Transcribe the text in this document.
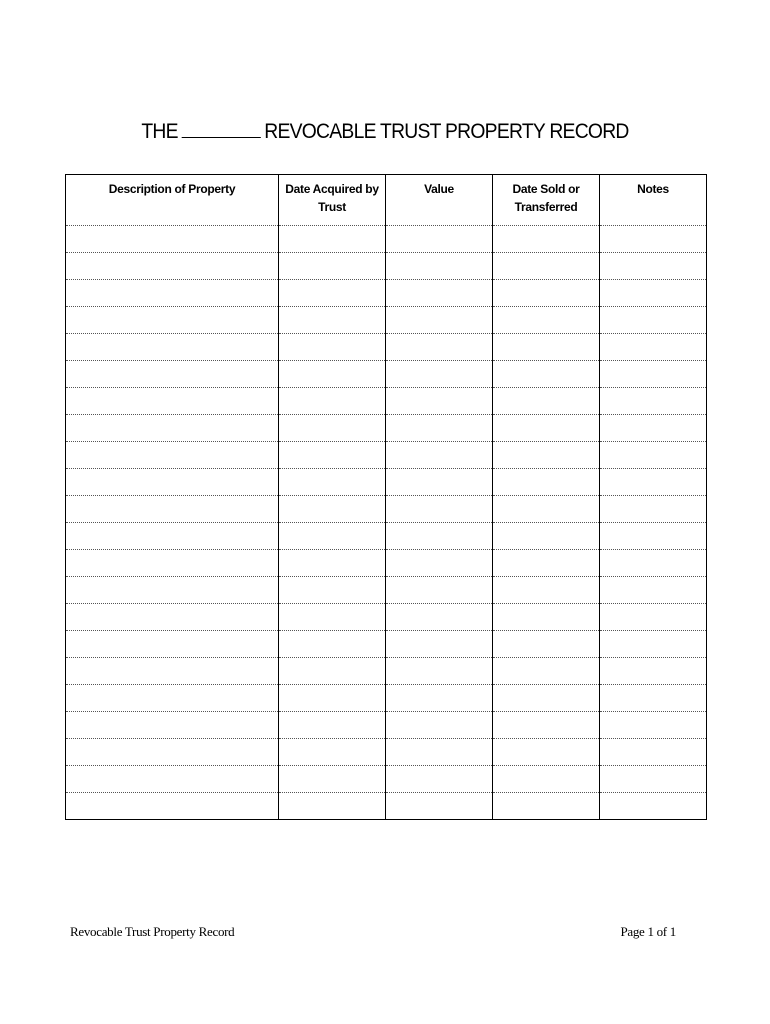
THE	REVOCABLE TRUST PROPERTY RECORD
Description of Property	Date Acquired by Trust	Value	Date Sold or Transferred	Notes

Revocable Trust Property Record	Page 1 of 1
